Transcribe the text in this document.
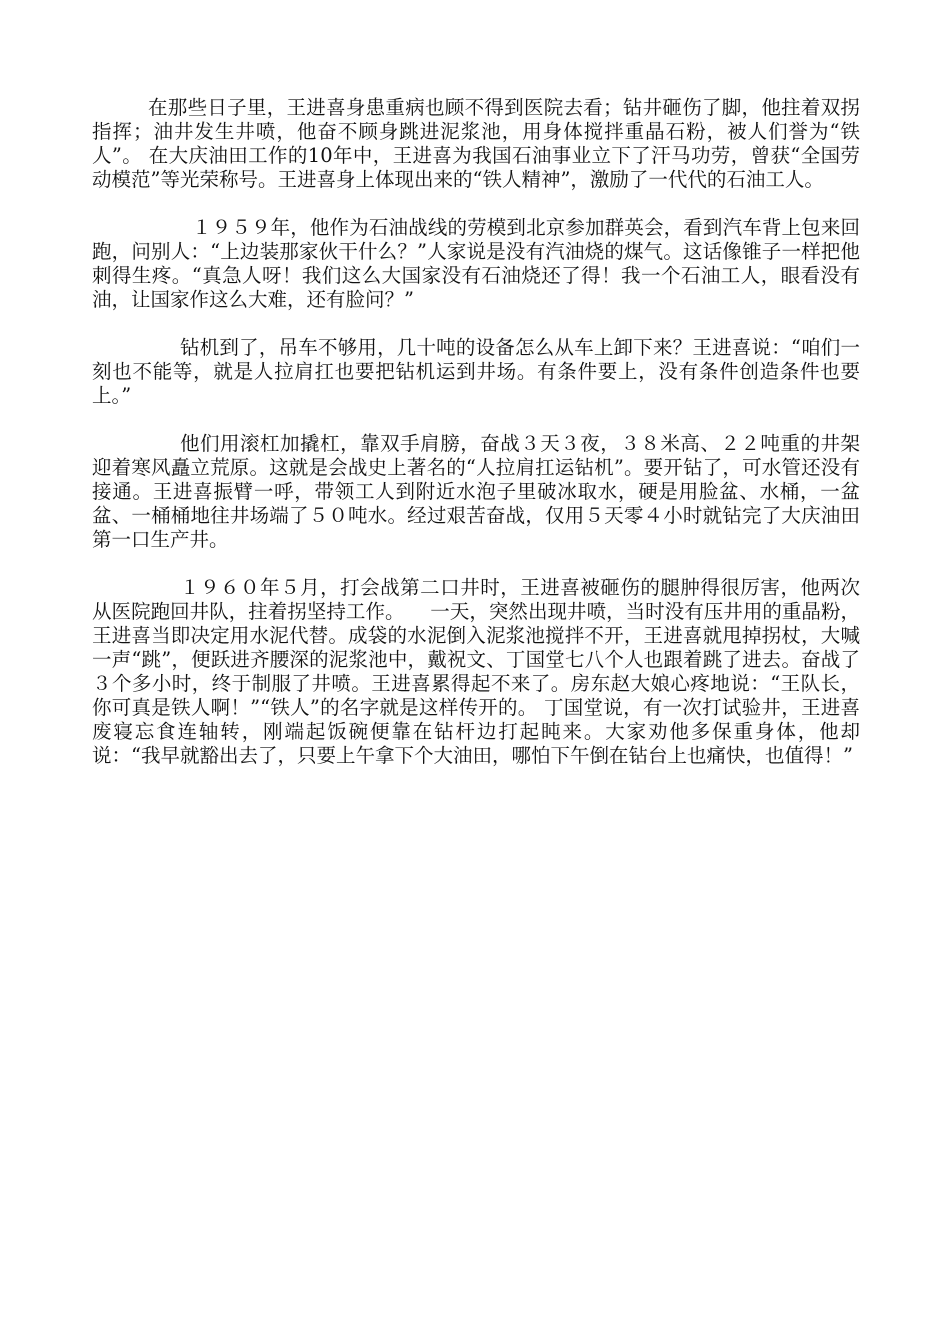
在那些日子里，王进喜身患重病也顾不得到医院去看；钻井砸伤了脚，他拄着双拐指挥；油井发生井喷，他奋不顾身跳进泥浆池，用身体搅拌重晶石粉，被人们誉为“铁人”。 在大庆油田工作的10年中，王进喜为我国石油事业立下了汗马功劳，曾获“全国劳动模范”等光荣称号。王进喜身上体现出来的“铁人精神”，激励了一代代的石油工人。

１９５９年，他作为石油战线的劳模到北京参加群英会，看到汽车背上包来回跑，问别人：“上边装那家伙干什么？”人家说是没有汽油烧的煤气。这话像锥子一样把他刺得生疼。“真急人呀！我们这么大国家没有石油烧还了得！我一个石油工人，眼看没有油，让国家作这么大难，还有脸问？”

钻机到了，吊车不够用，几十吨的设备怎么从车上卸下来？王进喜说：“咱们一刻也不能等，就是人拉肩扛也要把钻机运到井场。有条件要上，没有条件创造条件也要上。”

他们用滚杠加撬杠，靠双手肩膀，奋战３天３夜，３８米高、２２吨重的井架迎着寒风矗立荒原。这就是会战史上著名的“人拉肩扛运钻机”。要开钻了，可水管还没有接通。王进喜振臂一呼，带领工人到附近水泡子里破冰取水，硬是用脸盆、水桶，一盆盆、一桶桶地往井场端了５０吨水。经过艰苦奋战，仅用５天零４小时就钻完了大庆油田第一口生产井。

１９６０年５月，打会战第二口井时，王进喜被砸伤的腿肿得很厉害，他两次从医院跑回井队，拄着拐坚持工作。 　一天，突然出现井喷，当时没有压井用的重晶粉，王进喜当即决定用水泥代替。成袋的水泥倒入泥浆池搅拌不开，王进喜就甩掉拐杖，大喊一声“跳”，便跃进齐腰深的泥浆池中，戴祝文、丁国堂七八个人也跟着跳了进去。奋战了３个多小时，终于制服了井喷。王进喜累得起不来了。房东赵大娘心疼地说：“王队长，你可真是铁人啊！”“铁人”的名字就是这样传开的。 丁国堂说，有一次打试验井，王进喜废寝忘食连轴转，刚端起饭碗便靠在钻杆边打起盹来。大家劝他多保重身体，他却说：“我早就豁出去了，只要上午拿下个大油田，哪怕下午倒在钻台上也痛快，也值得！”
